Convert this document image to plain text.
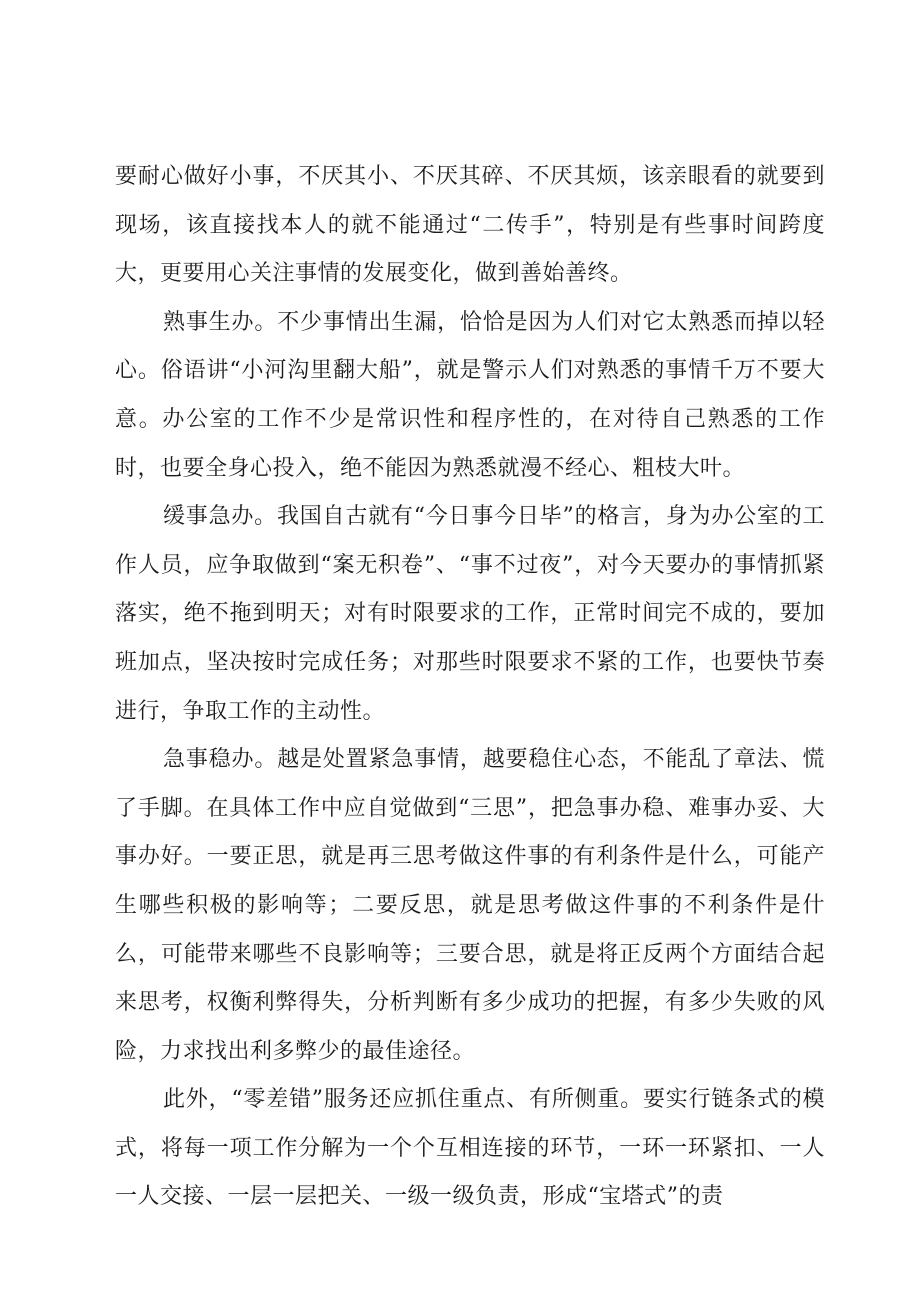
要耐心做好小事，不厌其小、不厌其碎、不厌其烦，该亲眼看的就要到现场，该直接找本人的就不能通过“二传手”，特别是有些事时间跨度大，更要用心关注事情的发展变化，做到善始善终。

熟事生办。不少事情出生漏，恰恰是因为人们对它太熟悉而掉以轻心。俗语讲“小河沟里翻大船”，就是警示人们对熟悉的事情千万不要大意。办公室的工作不少是常识性和程序性的，在对待自己熟悉的工作时，也要全身心投入，绝不能因为熟悉就漫不经心、粗枝大叶。

缓事急办。我国自古就有“今日事今日毕”的格言，身为办公室的工作人员，应争取做到“案无积卷”、“事不过夜”，对今天要办的事情抓紧落实，绝不拖到明天；对有时限要求的工作，正常时间完不成的，要加班加点，坚决按时完成任务；对那些时限要求不紧的工作，也要快节奏进行，争取工作的主动性。

急事稳办。越是处置紧急事情，越要稳住心态，不能乱了章法、慌了手脚。在具体工作中应自觉做到“三思”，把急事办稳、难事办妥、大事办好。一要正思，就是再三思考做这件事的有利条件是什么，可能产生哪些积极的影响等；二要反思，就是思考做这件事的不利条件是什么，可能带来哪些不良影响等；三要合思，就是将正反两个方面结合起来思考，权衡利弊得失，分析判断有多少成功的把握，有多少失败的风险，力求找出利多弊少的最佳途径。

此外，“零差错”服务还应抓住重点、有所侧重。要实行链条式的模式，将每一项工作分解为一个个互相连接的环节，一环一环紧扣、一人一人交接、一层一层把关、一级一级负责，形成“宝塔式”的责
